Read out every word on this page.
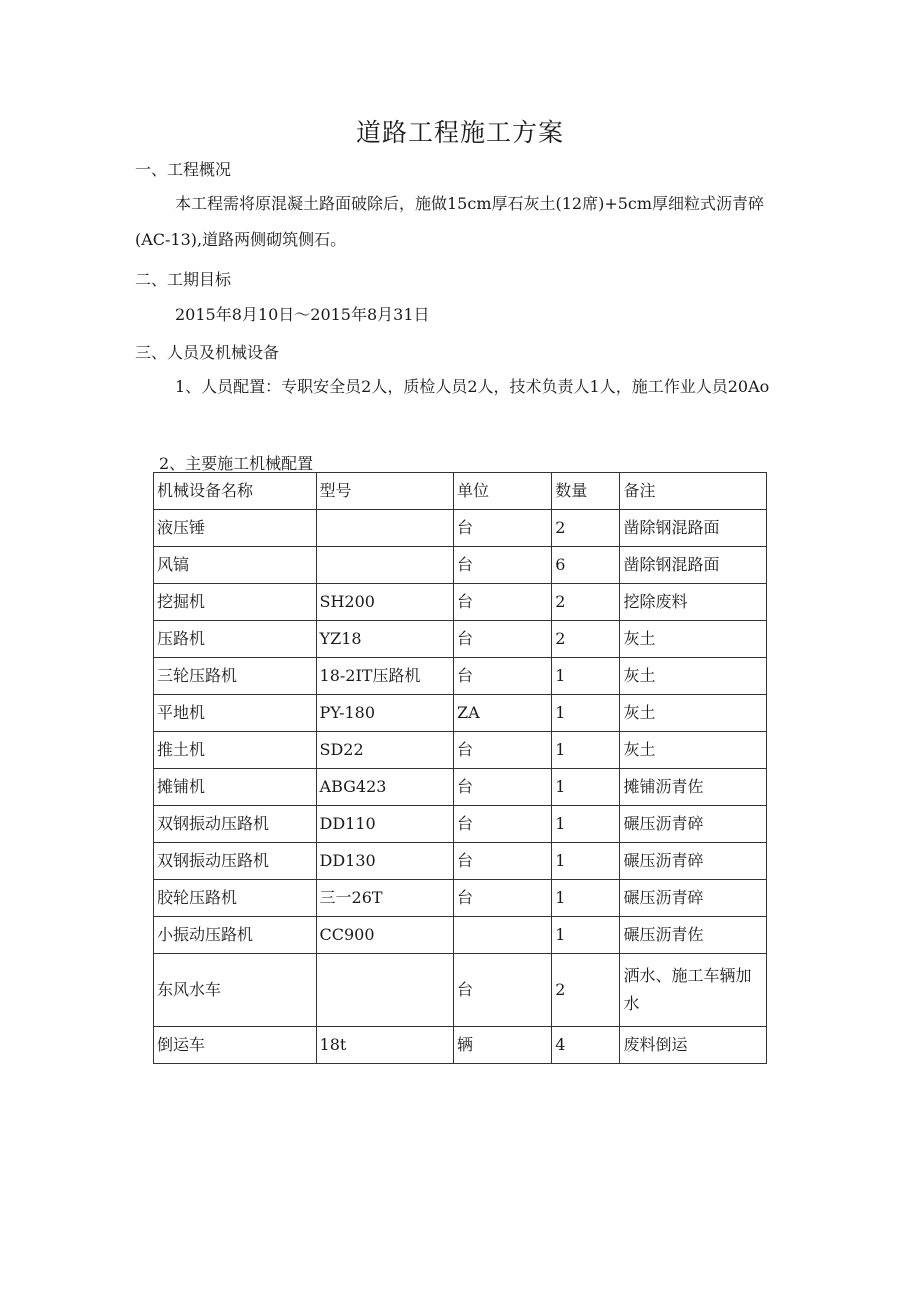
道路工程施工方案
一、工程概况
本工程需将原混凝土路面破除后，施做15cm厚石灰土(12席)+5cm厚细粒式沥青碎(AC-13),道路两侧砌筑侧石。
二、工期目标
2015年8月10日～2015年8月31日
三、人员及机械设备
1、人员配置：专职安全员2人，质检人员2人，技术负责人1人，施工作业人员20Ao
2、主要施工机械配置
机械设备名称	型号	单位	数量	备注
液压锤		台	2	凿除钢混路面
风镐		台	6	凿除钢混路面
挖掘机	SH200	台	2	挖除废料
压路机	YZ18	台	2	灰土
三轮压路机	18-2IT压路机	台	1	灰土
平地机	PY-180	ZA	1	灰土
推土机	SD22	台	1	灰土
摊铺机	ABG423	台	1	摊铺沥青佐
双钢振动压路机	DD110	台	1	碾压沥青碎
双钢振动压路机	DD130	台	1	碾压沥青碎
胶轮压路机	三一26T	台	1	碾压沥青碎
小振动压路机	CC900		1	碾压沥青佐
东风水车		台	2	洒水、施工车辆加水
倒运车	18t	辆	4	废料倒运
